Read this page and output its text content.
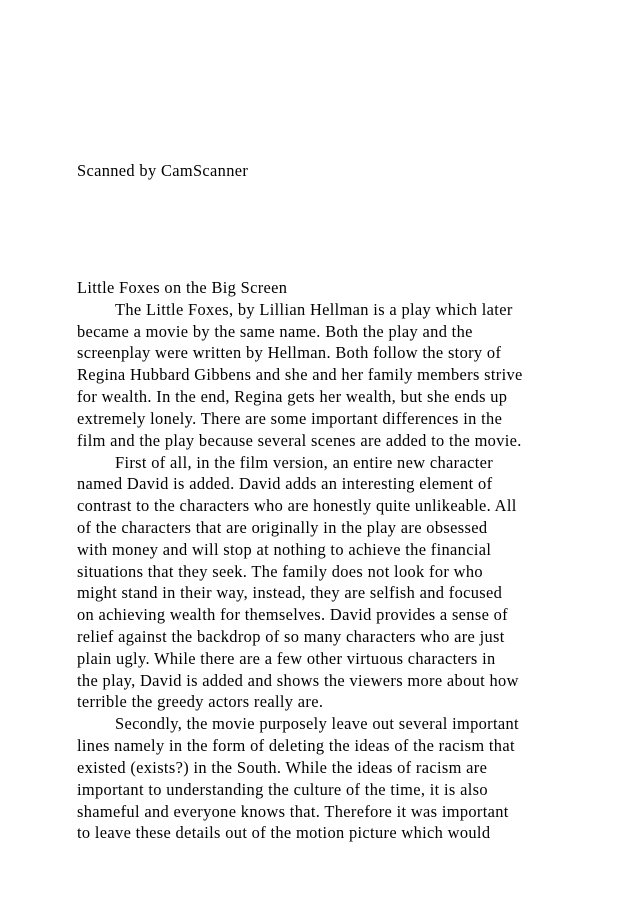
Scanned by CamScanner

Little Foxes on the Big Screen
The Little Foxes, by Lillian Hellman is a play which later
became a movie by the same name. Both the play and the
screenplay were written by Hellman. Both follow the story of
Regina Hubbard Gibbens and she and her family members strive
for wealth. In the end, Regina gets her wealth, but she ends up
extremely lonely. There are some important differences in the
film and the play because several scenes are added to the movie.
First of all, in the film version, an entire new character
named David is added. David adds an interesting element of
contrast to the characters who are honestly quite unlikeable. All
of the characters that are originally in the play are obsessed
with money and will stop at nothing to achieve the financial
situations that they seek. The family does not look for who
might stand in their way, instead, they are selfish and focused
on achieving wealth for themselves. David provides a sense of
relief against the backdrop of so many characters who are just
plain ugly. While there are a few other virtuous characters in
the play, David is added and shows the viewers more about how
terrible the greedy actors really are.
Secondly, the movie purposely leave out several important
lines namely in the form of deleting the ideas of the racism that
existed (exists?) in the South. While the ideas of racism are
important to understanding the culture of the time, it is also
shameful and everyone knows that. Therefore it was important
to leave these details out of the motion picture which would
